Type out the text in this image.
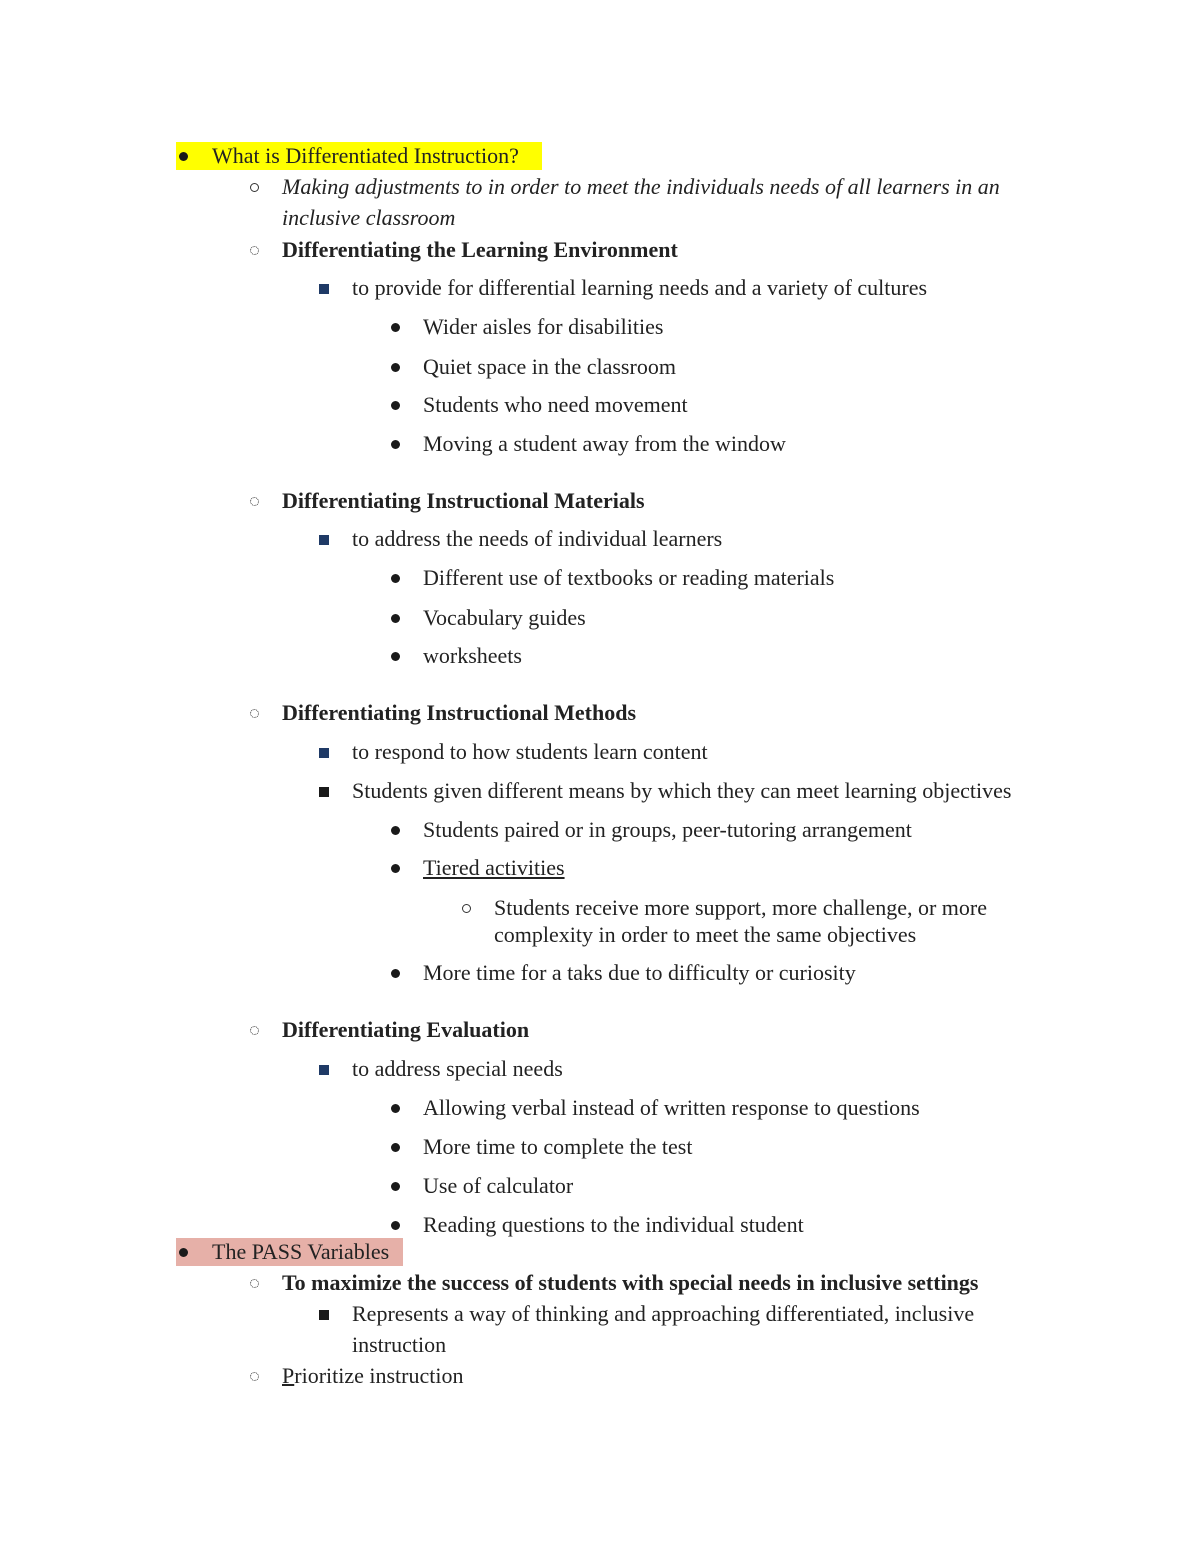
What is Differentiated Instruction?
Making adjustments to in order to meet the individuals needs of all learners in an
inclusive classroom
Differentiating the Learning Environment
to provide for differential learning needs and a variety of cultures
Wider aisles for disabilities
Quiet space in the classroom
Students who need movement
Moving a student away from the window
Differentiating Instructional Materials
to address the needs of individual learners
Different use of textbooks or reading materials
Vocabulary guides
worksheets
Differentiating Instructional Methods
to respond to how students learn content
Students given different means by which they can meet learning objectives
Students paired or in groups, peer-tutoring arrangement
Tiered activities
Students receive more support, more challenge, or more
complexity in order to meet the same objectives
More time for a taks due to difficulty or curiosity
Differentiating Evaluation
to address special needs
Allowing verbal instead of written response to questions
More time to complete the test
Use of calculator
Reading questions to the individual student
The PASS Variables
To maximize the success of students with special needs in inclusive settings
Represents a way of thinking and approaching differentiated, inclusive
instruction
Prioritize instruction
